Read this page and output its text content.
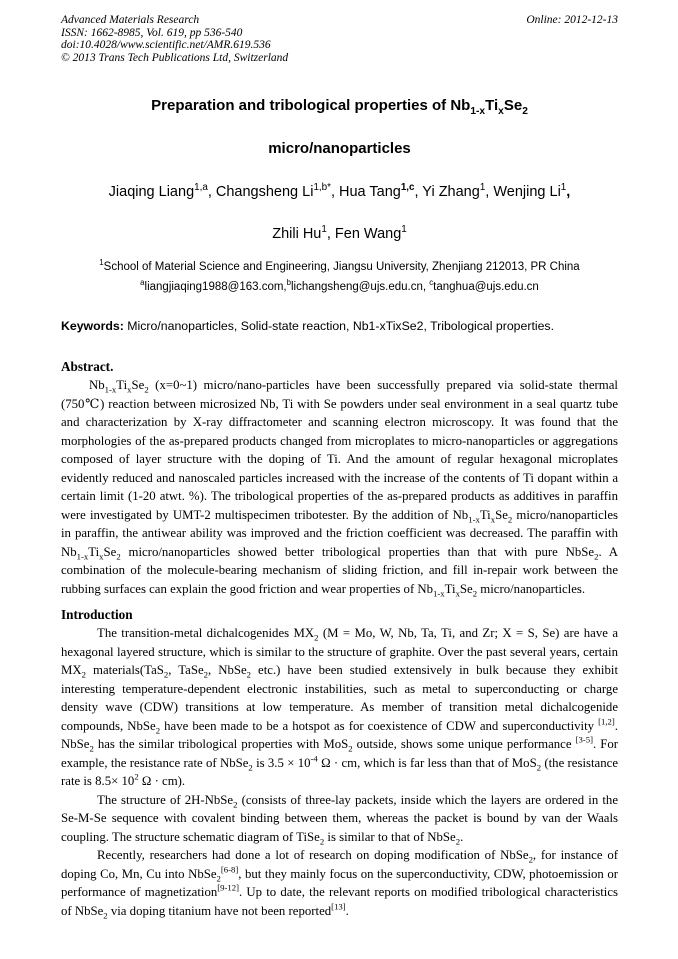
Advanced Materials Research
ISSN: 1662-8985, Vol. 619, pp 536-540
doi:10.4028/www.scientific.net/AMR.619.536
© 2013 Trans Tech Publications Ltd, Switzerland
Online: 2012-12-13
Preparation and tribological properties of $Nb_{1-x}Ti_xSe_2$
micro/nanoparticles
Jiaqing Liang$^{1,a}$, Changsheng $Li^{1,b*}$, Hua Tang$^{1,c}$, Yi Zhang$^1$, Wenjing Li$^1$,
Zhili Hu$^1$, Fen Wang$^1$
$^1$School of Material Science and Engineering, Jiangsu University, Zhenjiang 212013, PR China
$^a$liangjiaqing1988@163.com,$^b$lichangsheng@ujs.edu.cn, $^c$tanghua@ujs.edu.cn

Keywords: Micro/nanoparticles, Solid-state reaction, Nb1-xTixSe2, Tribological properties.

Abstract.

$Nb_{1-x}Ti_xSe_2$ (x=0~1) micro/nano-particles have been successfully prepared via solid-state thermal (750℃) reaction between microsized Nb, Ti with Se powders under seal environment in a seal quartz tube and characterization by X-ray diffractometer and scanning electron microscopy. It was found that the morphologies of the as-prepared products changed from microplates to micro-nanoparticles or aggregations composed of layer structure with the doping of Ti. And the amount of regular hexagonal microplates evidently reduced and nanoscaled particles increased with the increase of the contents of Ti dopant within a certain limit (1-20 atwt. %). The tribological properties of the as-prepared products as additives in paraffin were investigated by UMT-2 multispecimen tribotester. By the addition of $Nb_{1-x}Ti_xSe_2$ micro/nanoparticles in paraffin, the antiwear ability was improved and the friction coefficient was decreased. The paraffin with $Nb_{1-x}Ti_xSe_2$ micro/nanoparticles showed better tribological properties than that with pure NbSe$_2$. A combination of the molecule-bearing mechanism of sliding friction, and fill in-repair work between the rubbing surfaces can explain the good friction and wear properties of $Nb_{1-x}Ti_xSe_2$ micro/nanoparticles.

Introduction

The transition-metal dichalcogenides $MX_2$ (M = Mo, W, Nb, Ta, Ti, and Zr; X = S, Se) are have a hexagonal layered structure, which is similar to the structure of graphite. Over the past several years, certain $MX_2$ materials(TaS$_2$, TaSe$_2$, NbSe$_2$ etc.) have been studied extensively in bulk because they exhibit interesting temperature-dependent electronic instabilities, such as metal to superconducting or charge density wave (CDW) transitions at low temperature. As member of transition metal dichalcogenide compounds, NbSe$_2$ have been made to be a hotspot as for coexistence of CDW and superconductivity [1,2]. NbSe$_2$ has the similar tribological properties with MoS$_2$ outside, shows some unique performance [3-5]. For example, the resistance rate of NbSe$_2$ is $3.5 \times 10^{-4}$ Ω · cm, which is far less than that of MoS$_2$ (the resistance rate is $8.5\times 10^2$ Ω · cm).

The structure of 2H-NbSe$_2$ (consists of three-lay packets, inside which the layers are ordered in the Se-M-Se sequence with covalent binding between them, whereas the packet is bound by van der Waals coupling. The structure schematic diagram of TiSe$_2$ is similar to that of NbSe$_2$.

Recently, researchers had done a lot of research on doping modification of NbSe$_2$, for instance of doping Co, Mn, Cu into NbSe$_2$[6-8], but they mainly focus on the superconductivity, CDW, photoemission or performance of magnetization[9-12]. Up to date, the relevant reports on modified tribological characteristics of NbSe$_2$ via doping titanium have not been reported[13].
